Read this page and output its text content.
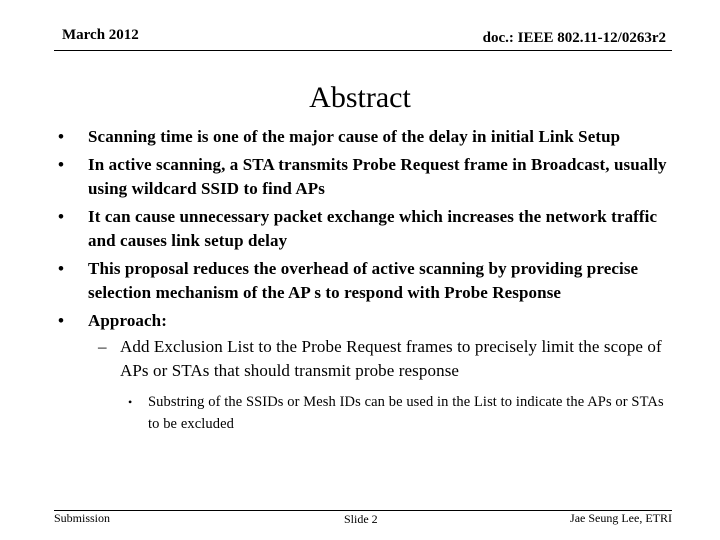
March 2012	doc.: IEEE 802.11-12/0263r2
Abstract
•	Scanning time is one of the major cause of the delay in initial Link Setup
•	In active scanning, a STA transmits Probe Request frame in Broadcast, usually using wildcard SSID to find APs
•	It can cause unnecessary packet exchange which increases the network traffic and causes link setup delay
•	This proposal reduces the overhead of active scanning by providing precise selection mechanism of the AP s to respond with Probe Response
•	Approach:
– Add Exclusion List to the Probe Request frames to precisely limit the scope of APs or STAs that should transmit probe response
• Substring of the SSIDs or Mesh IDs can be used in the List to indicate the APs or STAs to be excluded
Submission	Slide 2	Jae Seung Lee, ETRI
